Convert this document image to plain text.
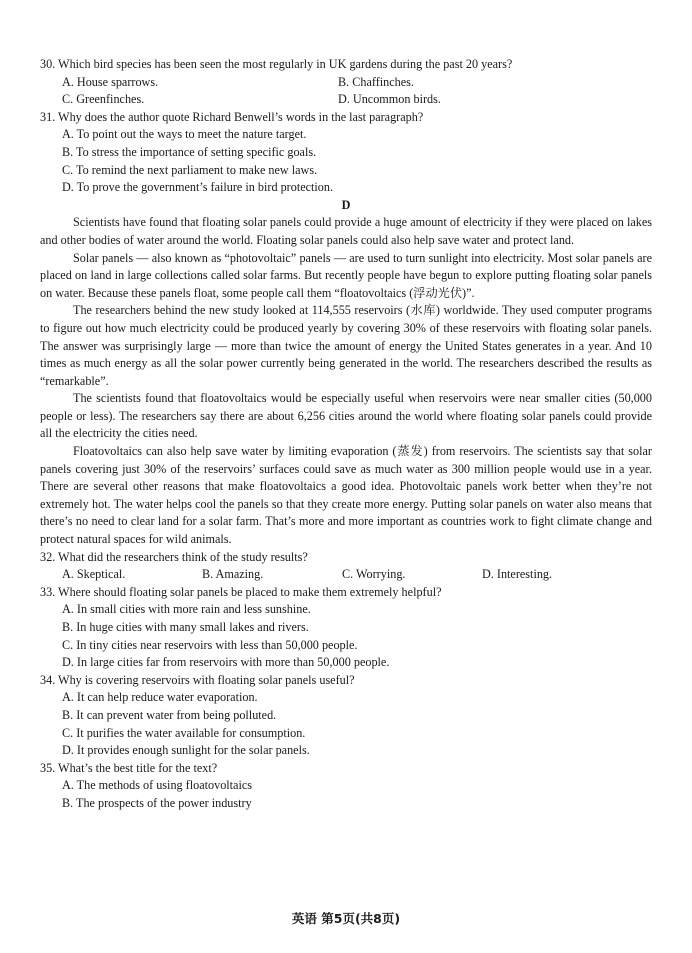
30. Which bird species has been seen the most regularly in UK gardens during the past 20 years?

A. House sparrows.	B. Chaffinches.
C. Greenfinches.	D. Uncommon birds.

31. Why does the author quote Richard Benwell’s words in the last paragraph?

A. To point out the ways to meet the nature target.
B. To stress the importance of setting specific goals.
C. To remind the next parliament to make new laws.
D. To prove the government’s failure in bird protection.

D

Scientists have found that floating solar panels could provide a huge amount of electricity if they were placed on lakes and other bodies of water around the world. Floating solar panels could also help save water and protect land.

Solar panels — also known as “photovoltaic” panels — are used to turn sunlight into electricity. Most solar panels are placed on land in large collections called solar farms. But recently people have begun to explore putting floating solar panels on water. Because these panels float, some people call them “floatovoltaics (浮动光伏)”.

The researchers behind the new study looked at 114,555 reservoirs (水库) worldwide. They used computer programs to figure out how much electricity could be produced yearly by covering 30% of these reservoirs with floating solar panels. The answer was surprisingly large — more than twice the amount of energy the United States generates in a year. And 10 times as much energy as all the solar power currently being generated in the world. The researchers described the results as “remarkable”.

The scientists found that floatovoltaics would be especially useful when reservoirs were near smaller cities (50,000 people or less). The researchers say there are about 6,256 cities around the world where floating solar panels could provide all the electricity the cities need.

Floatovoltaics can also help save water by limiting evaporation (蒸发) from reservoirs. The scientists say that solar panels covering just 30% of the reservoirs’ surfaces could save as much water as 300 million people would use in a year. There are several other reasons that make floatovoltaics a good idea. Photovoltaic panels work better when they’re not extremely hot. The water helps cool the panels so that they create more energy. Putting solar panels on water also means that there’s no need to clear land for a solar farm. That’s more and more important as countries work to fight climate change and protect natural spaces for wild animals.

32. What did the researchers think of the study results?

A. Skeptical.	B. Amazing.	C. Worrying.	D. Interesting.

33. Where should floating solar panels be placed to make them extremely helpful?

A. In small cities with more rain and less sunshine.
B. In huge cities with many small lakes and rivers.
C. In tiny cities near reservoirs with less than 50,000 people.
D. In large cities far from reservoirs with more than 50,000 people.

34. Why is covering reservoirs with floating solar panels useful?

A. It can help reduce water evaporation.
B. It can prevent water from being polluted.
C. It purifies the water available for consumption.
D. It provides enough sunlight for the solar panels.

35. What’s the best title for the text?

A. The methods of using floatovoltaics
B. The prospects of the power industry
英语 第5页(共8页)
